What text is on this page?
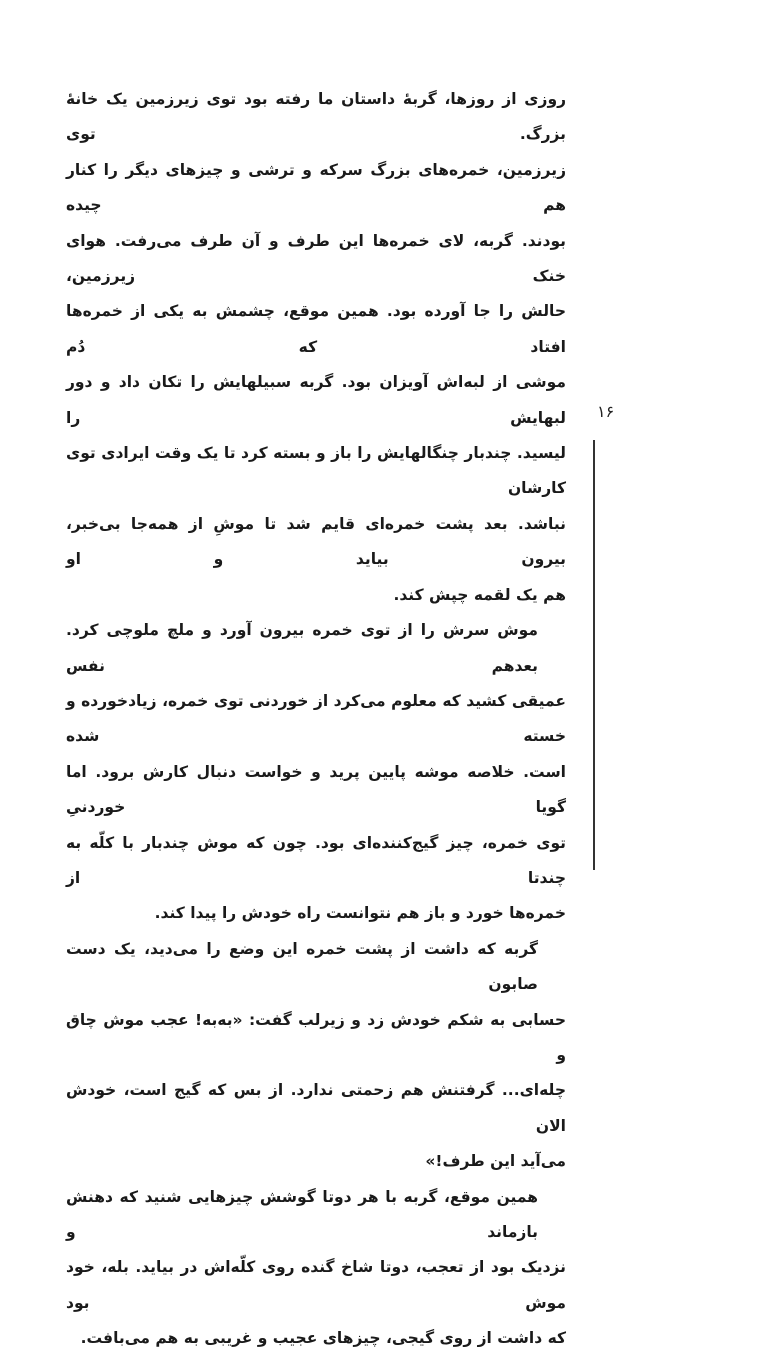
روزی از روزها، گربهٔ داستان ما رفته بود توی زیرزمین یک خانهٔ بزرگ. توی
زیرزمین، خمره‌های بزرگ سرکه و ترشی و چیزهای دیگر را کنار هم چیده
بودند. گربه، لای خمره‌ها این طرف و آن طرف می‌رفت. هوای خنک زیرزمین،
حالش را جا آورده بود. همین موقع، چشمش به یکی از خمره‌ها افتاد که دُم
موشی از لبه‌اش آویزان بود. گربه سبیلهایش را تکان داد و دور لبهایش را
لیسید. چندبار چنگالهایش را باز و بسته کرد تا یک وقت ایرادی توی کارشان
نباشد. بعد پشت خمره‌ای قایم شد تا موشِ از همه‌جا بی‌خبر، بیرون بیاید و او
هم یک لقمه چپش کند.
موش سرش را از توی خمره بیرون آورد و ملچ ملوچی کرد. بعدهم نفس
عمیقی کشید که معلوم می‌کرد از خوردنی توی خمره، زیادخورده و خسته شده
است. خلاصه موشه پایین پرید و خواست دنبال کارش برود. اما گویا خوردنیِ
توی خمره، چیز گیج‌کننده‌ای بود. چون که موش چندبار با کلّه به چندتا از
خمره‌ها خورد و باز هم نتوانست راه خودش را پیدا کند.
گربه که داشت از پشت خمره این وضع را می‌دید، یک دست صابون
حسابی به شکم خودش زد و زیرلب گفت: «به‌به! عجب موش چاق و
چله‌ای... گرفتنش هم زحمتی ندارد. از بس که گیج است، خودش الان
می‌آید این طرف!»
همین موقع، گربه با هر دوتا گوشش چیزهایی شنید که دهنش بازماند و
نزدیک بود از تعجب، دوتا شاخ گنده روی کلّه‌اش در بیاید. بله، خود موش بود
که داشت از روی گیجی، چیزهای عجیب و غریبی به هم می‌بافت.
۱۶
